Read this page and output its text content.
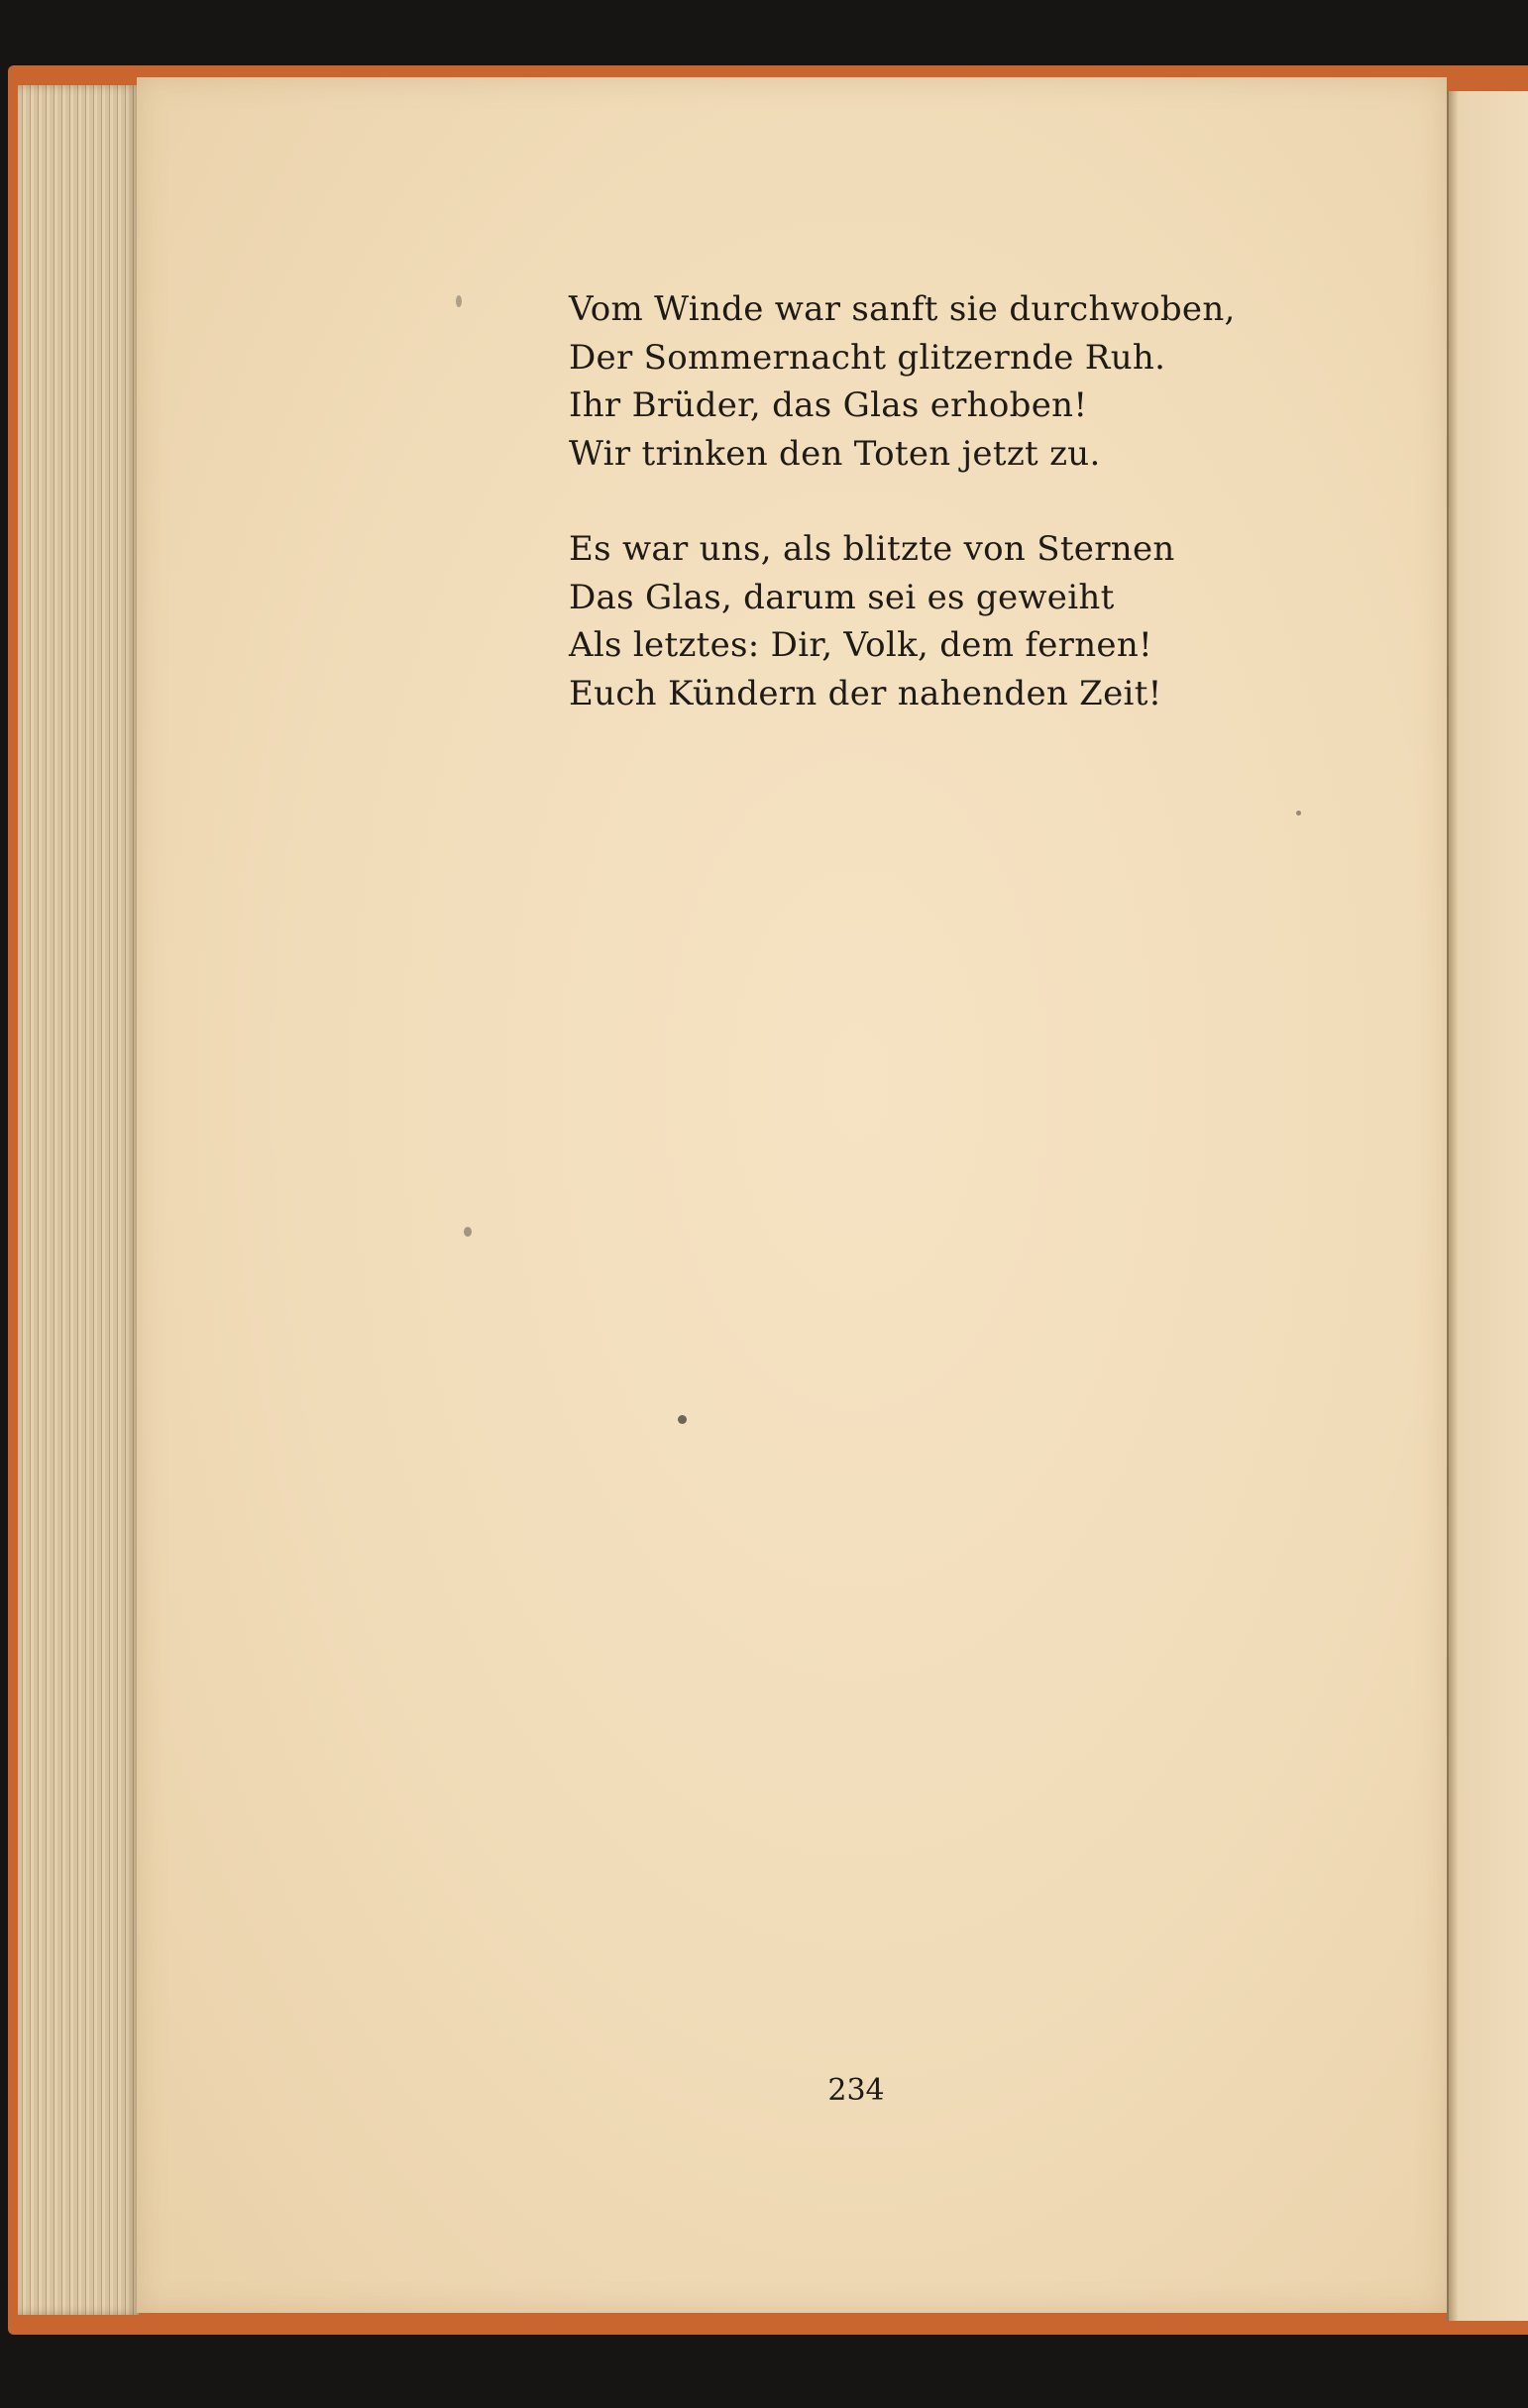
Vom Winde war sanft sie durchwoben,
Der Sommernacht glitzernde Ruh.
Ihr Brüder, das Glas erhoben!
Wir trinken den Toten jetzt zu.
Es war uns, als blitzte von Sternen
Das Glas, darum sei es geweiht
Als letztes: Dir, Volk, dem fernen!
Euch Kündern der nahenden Zeit!
234
